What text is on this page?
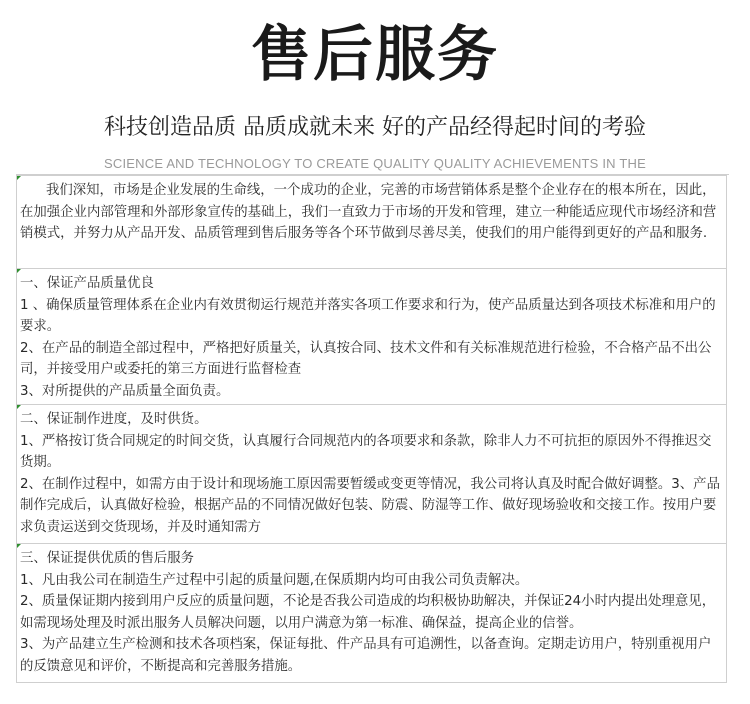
售后服务
科技创造品质 品质成就未来 好的产品经得起时间的考验
SCIENCE AND TECHNOLOGY TO CREATE QUALITY QUALITY ACHIEVEMENTS IN THE

我们深知，市场是企业发展的生命线，一个成功的企业，完善的市场营销体系是整个企业存在的根本所在，因此，在加强企业内部管理和外部形象宣传的基础上，我们一直致力于市场的开发和管理，建立一种能适应现代市场经济和营销模式，并努力从产品开发、品质管理到售后服务等各个环节做到尽善尽美，使我们的用户能得到更好的产品和服务.

一、保证产品质量优良

1 、确保质量管理体系在企业内有效贯彻运行规范并落实各项工作要求和行为，使产品质量达到各项技术标准和用户的要求。

2、在产品的制造全部过程中，严格把好质量关，认真按合同、技术文件和有关标准规范进行检验，不合格产品不出公司，并接受用户或委托的第三方面进行监督检查

3、对所提供的产品质量全面负责。

二、保证制作进度，及时供货。

1、严格按订货合同规定的时间交货，认真履行合同规范内的各项要求和条款，除非人力不可抗拒的原因外不得推迟交货期。

2、在制作过程中，如需方由于设计和现场施工原因需要暂缓或变更等情况，我公司将认真及时配合做好调整。3、产品制作完成后，认真做好检验，根据产品的不同情况做好包装、防震、防湿等工作、做好现场验收和交接工作。按用户要求负责运送到交货现场，并及时通知需方

三、保证提供优质的售后服务

1、凡由我公司在制造生产过程中引起的质量问题,在保质期内均可由我公司负责解决。

2、质量保证期内接到用户反应的质量问题，不论是否我公司造成的均积极协助解决，并保证24小时内提出处理意见，如需现场处理及时派出服务人员解决问题，以用户满意为第一标准、确保益，提高企业的信誉。

3、为产品建立生产检测和技术各项档案，保证每批、件产品具有可追溯性，以备查询。定期走访用户，特别重视用户的反馈意见和评价，不断提高和完善服务措施。
